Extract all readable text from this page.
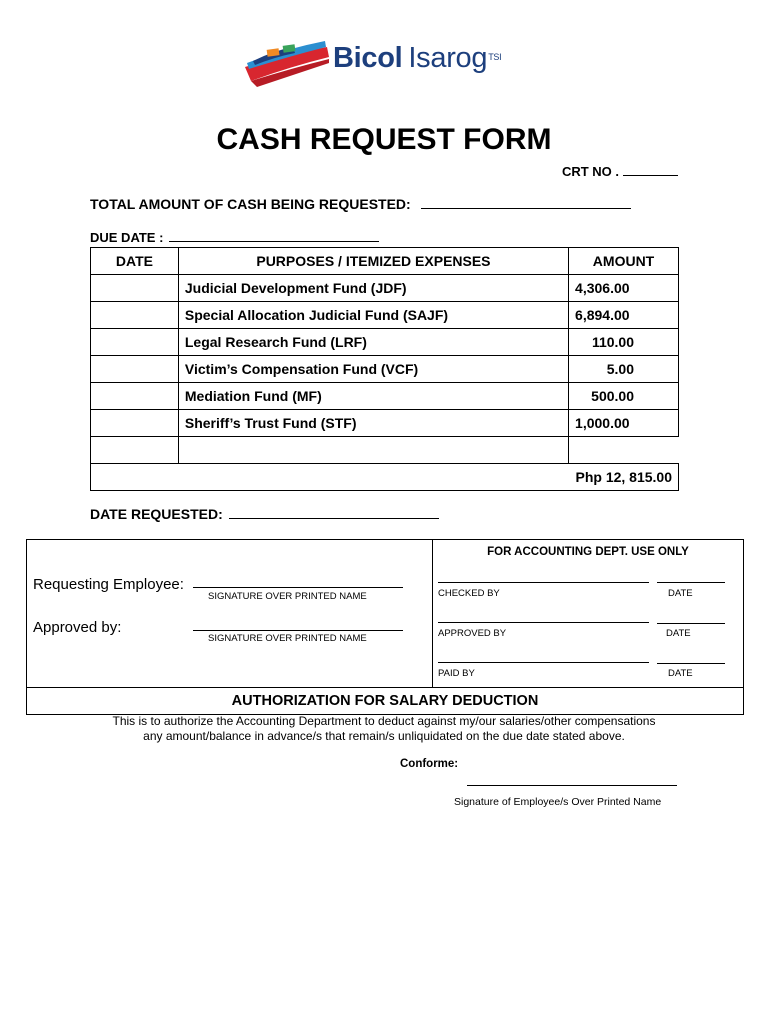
Bicol Isarog$^{TSI}$
CASH REQUEST FORM
CRT NO .
TOTAL AMOUNT OF CASH BEING REQUESTED:
DUE DATE :
DATE	PURPOSES / ITEMIZED EXPENSES	AMOUNT
	Judicial Development Fund (JDF)	4,306.00
	Special Allocation Judicial Fund (SAJF)	6,894.00
	Legal Research Fund (LRF)	110.00
	Victim’s Compensation Fund (VCF)	5.00
	Mediation Fund (MF)	500.00
	Sheriff’s Trust Fund (STF)	1,000.00

Php 12, 815.00		
DATE REQUESTED:
Requesting Employee:
SIGNATURE OVER PRINTED NAME
Approved by:
SIGNATURE OVER PRINTED NAME
FOR ACCOUNTING DEPT. USE ONLY
CHECKED BY	DATE
APPROVED BY	DATE
PAID BY	DATE
AUTHORIZATION FOR SALARY DEDUCTION
This is to authorize the Accounting Department to deduct against my/our salaries/other compensations
any amount/balance in advance/s that remain/s unliquidated on the due date stated above.
Conforme:
Signature of Employee/s Over Printed Name
